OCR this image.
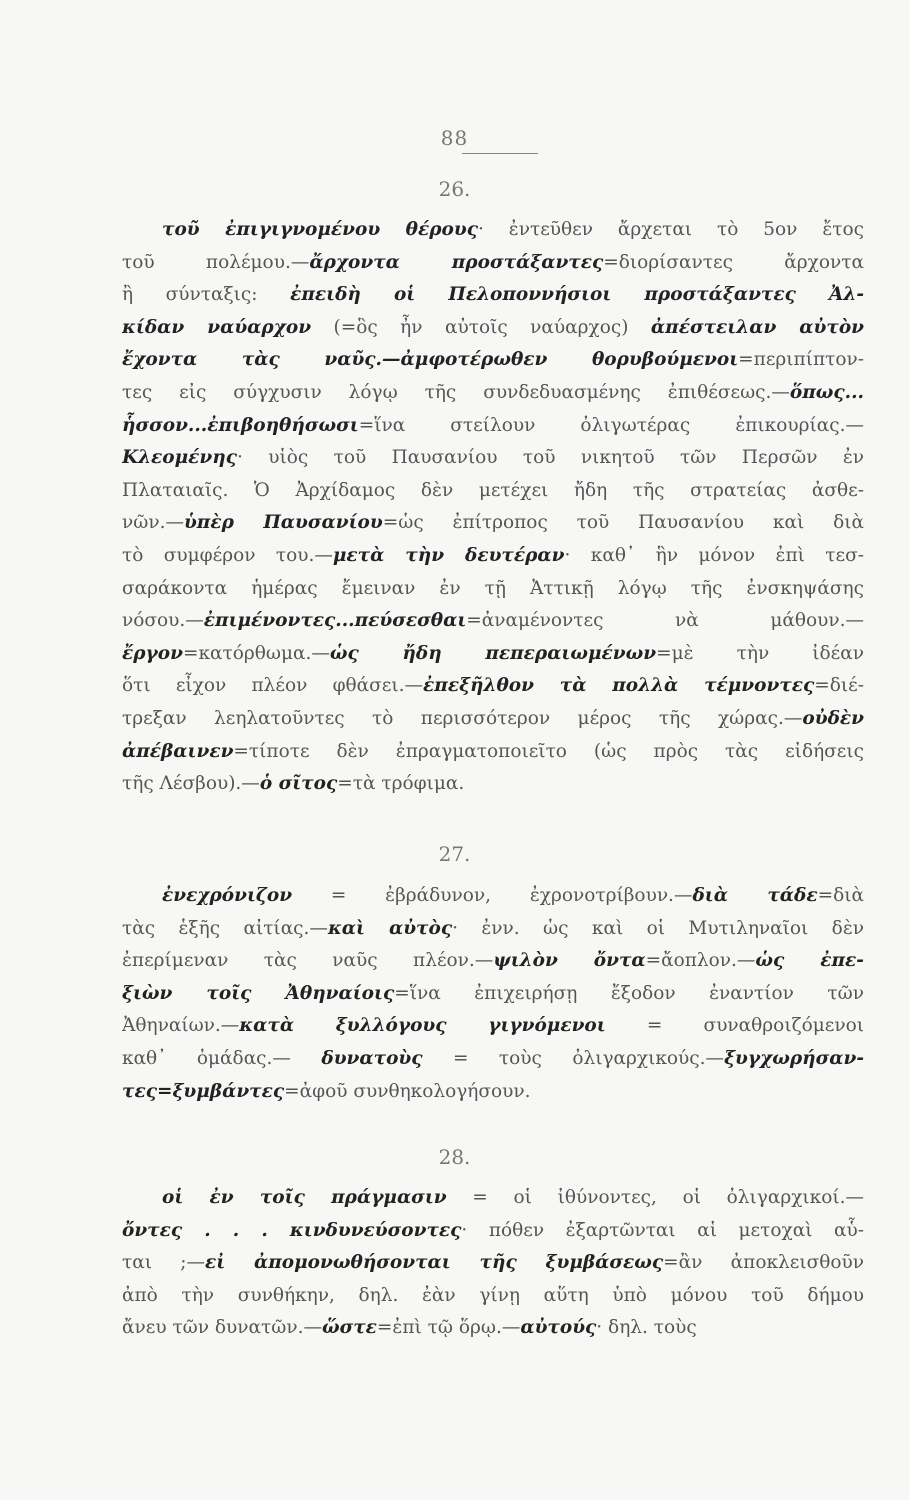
88
26.
τοῦ ἐπιγιγνομένου θέρους· ἐντεῦθεν ἄρχεται τὸ 5ον ἔτος
τοῦ πολέμου.—ἄρχοντα προστάξαντες=διορίσαντες ἄρχοντα
ἢ σύνταξις: ἐπειδὴ οἱ Πελοποννήσιοι προστάξαντες Ἀλ-
κίδαν ναύαρχον (=ὃς ἦν αὐτοῖς ναύαρχος) ἀπέστειλαν αὐτὸν
ἔχοντα τὰς ναῦς.—ἀμφοτέρωθεν θορυβούμενοι=περιπίπτον-
τες εἰς σύγχυσιν λόγῳ τῆς συνδεδυασμένης ἐπιθέσεως.—ὅπως...
ἧσσον...ἐπιβοηθήσωσι=ἵνα στείλουν ὀλιγωτέρας ἐπικουρίας.—
Κλεομένης· υἱὸς τοῦ Παυσανίου τοῦ νικητοῦ τῶν Περσῶν ἐν
Πλαταιαῖς. Ὁ Ἀρχίδαμος δὲν μετέχει ἤδη τῆς στρατείας ἀσθε-
νῶν.—ὑπὲρ Παυσανίου=ὡς ἐπίτροπος τοῦ Παυσανίου καὶ διὰ
τὸ συμφέρον του.—μετὰ τὴν δευτέραν· καθ᾽ ἣν μόνον ἐπὶ τεσ-
σαράκοντα ἡμέρας ἔμειναν ἐν τῇ Ἀττικῇ λόγῳ τῆς ἐνσκηψάσης
νόσου.—ἐπιμένοντες...πεύσεσθαι=ἀναμένοντες νὰ μάθουν.—
ἔργον=κατόρθωμα.—ὡς ἤδη πεπεραιωμένων=μὲ τὴν ἰδέαν
ὅτι εἶχον πλέον φθάσει.—ἐπεξῆλθον τὰ πολλὰ τέμνοντες=διέ-
τρεξαν λεηλατοῦντες τὸ περισσότερον μέρος τῆς χώρας.—οὐδὲν
ἀπέβαινεν=τίποτε δὲν ἐπραγματοποιεῖτο (ὡς πρὸς τὰς εἰδήσεις
τῆς Λέσβου).—ὁ σῖτος=τὰ τρόφιμα.
27.
ἐνεχρόνιζον = ἐβράδυνον, ἐχρονοτρίβουν.—διὰ τάδε=διὰ
τὰς ἑξῆς αἰτίας.—καὶ αὐτὸς· ἐνν. ὡς καὶ οἱ Μυτιληναῖοι δὲν
ἐπερίμεναν τὰς ναῦς πλέον.—ψιλὸν ὄντα=ἄοπλον.—ὡς ἐπε-
ξιὼν τοῖς Ἀθηναίοις=ἵνα ἐπιχειρήσῃ ἔξοδον ἐναντίον τῶν
Ἀθηναίων.—κατὰ ξυλλόγους γιγνόμενοι = συναθροιζόμενοι
καθ᾽ ὁμάδας.— δυνατοὺς = τοὺς ὀλιγαρχικούς.—ξυγχωρήσαν-
τες=ξυμβάντες=ἀφοῦ συνθηκολογήσουν.
28.
οἱ ἐν τοῖς πράγμασιν = οἱ ἰθύνοντες, οἱ ὀλιγαρχικοί.—
ὄντες . . . κινδυνεύσοντες· πόθεν ἐξαρτῶνται αἱ μετοχαὶ αὗ-
ται ;—εἰ ἀπομονωθήσονται τῆς ξυμβάσεως=ἂν ἀποκλεισθοῦν
ἀπὸ τὴν συνθήκην, δηλ. ἐὰν γίνῃ αὕτη ὑπὸ μόνου τοῦ δήμου
ἄνευ τῶν δυνατῶν.—ὥστε=ἐπὶ τῷ ὅρῳ.—αὐτούς· δηλ. τοὺς
